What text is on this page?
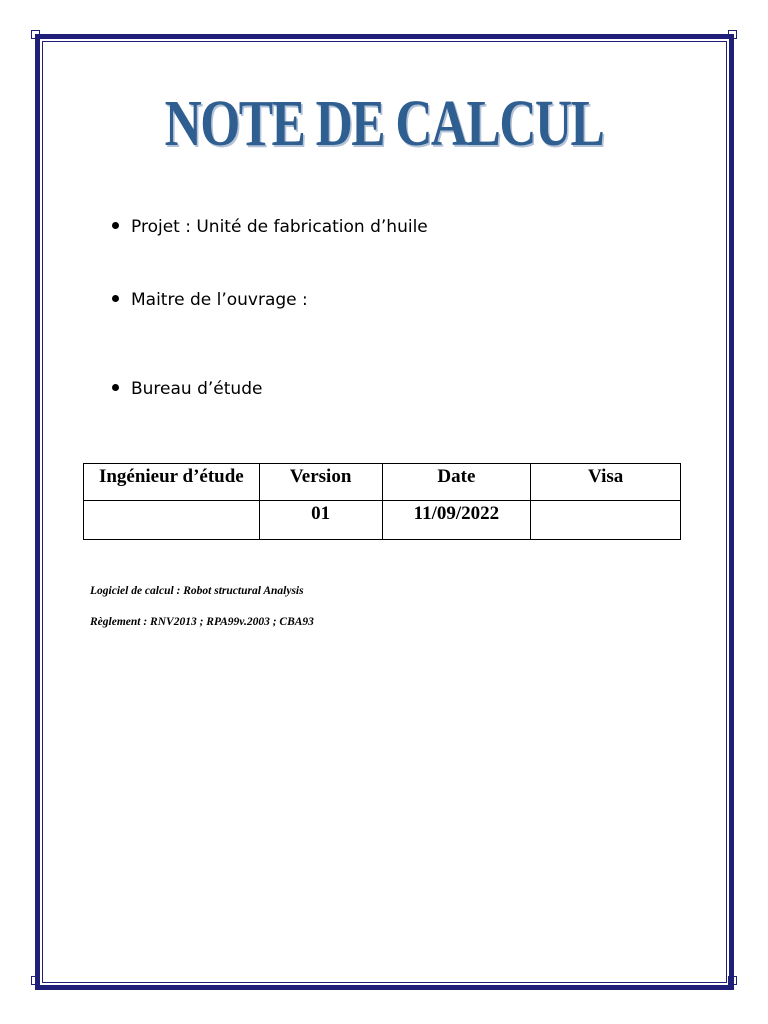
NOTE DE CALCUL
Projet : Unité de fabrication d’huile
Maitre de l’ouvrage :
Bureau d’étude
Ingénieur d’étude	Version	Date	Visa
	01	11/09/2022	
Logiciel de calcul : Robot structural Analysis
Règlement : RNV2013 ; RPA99v.2003 ; CBA93
